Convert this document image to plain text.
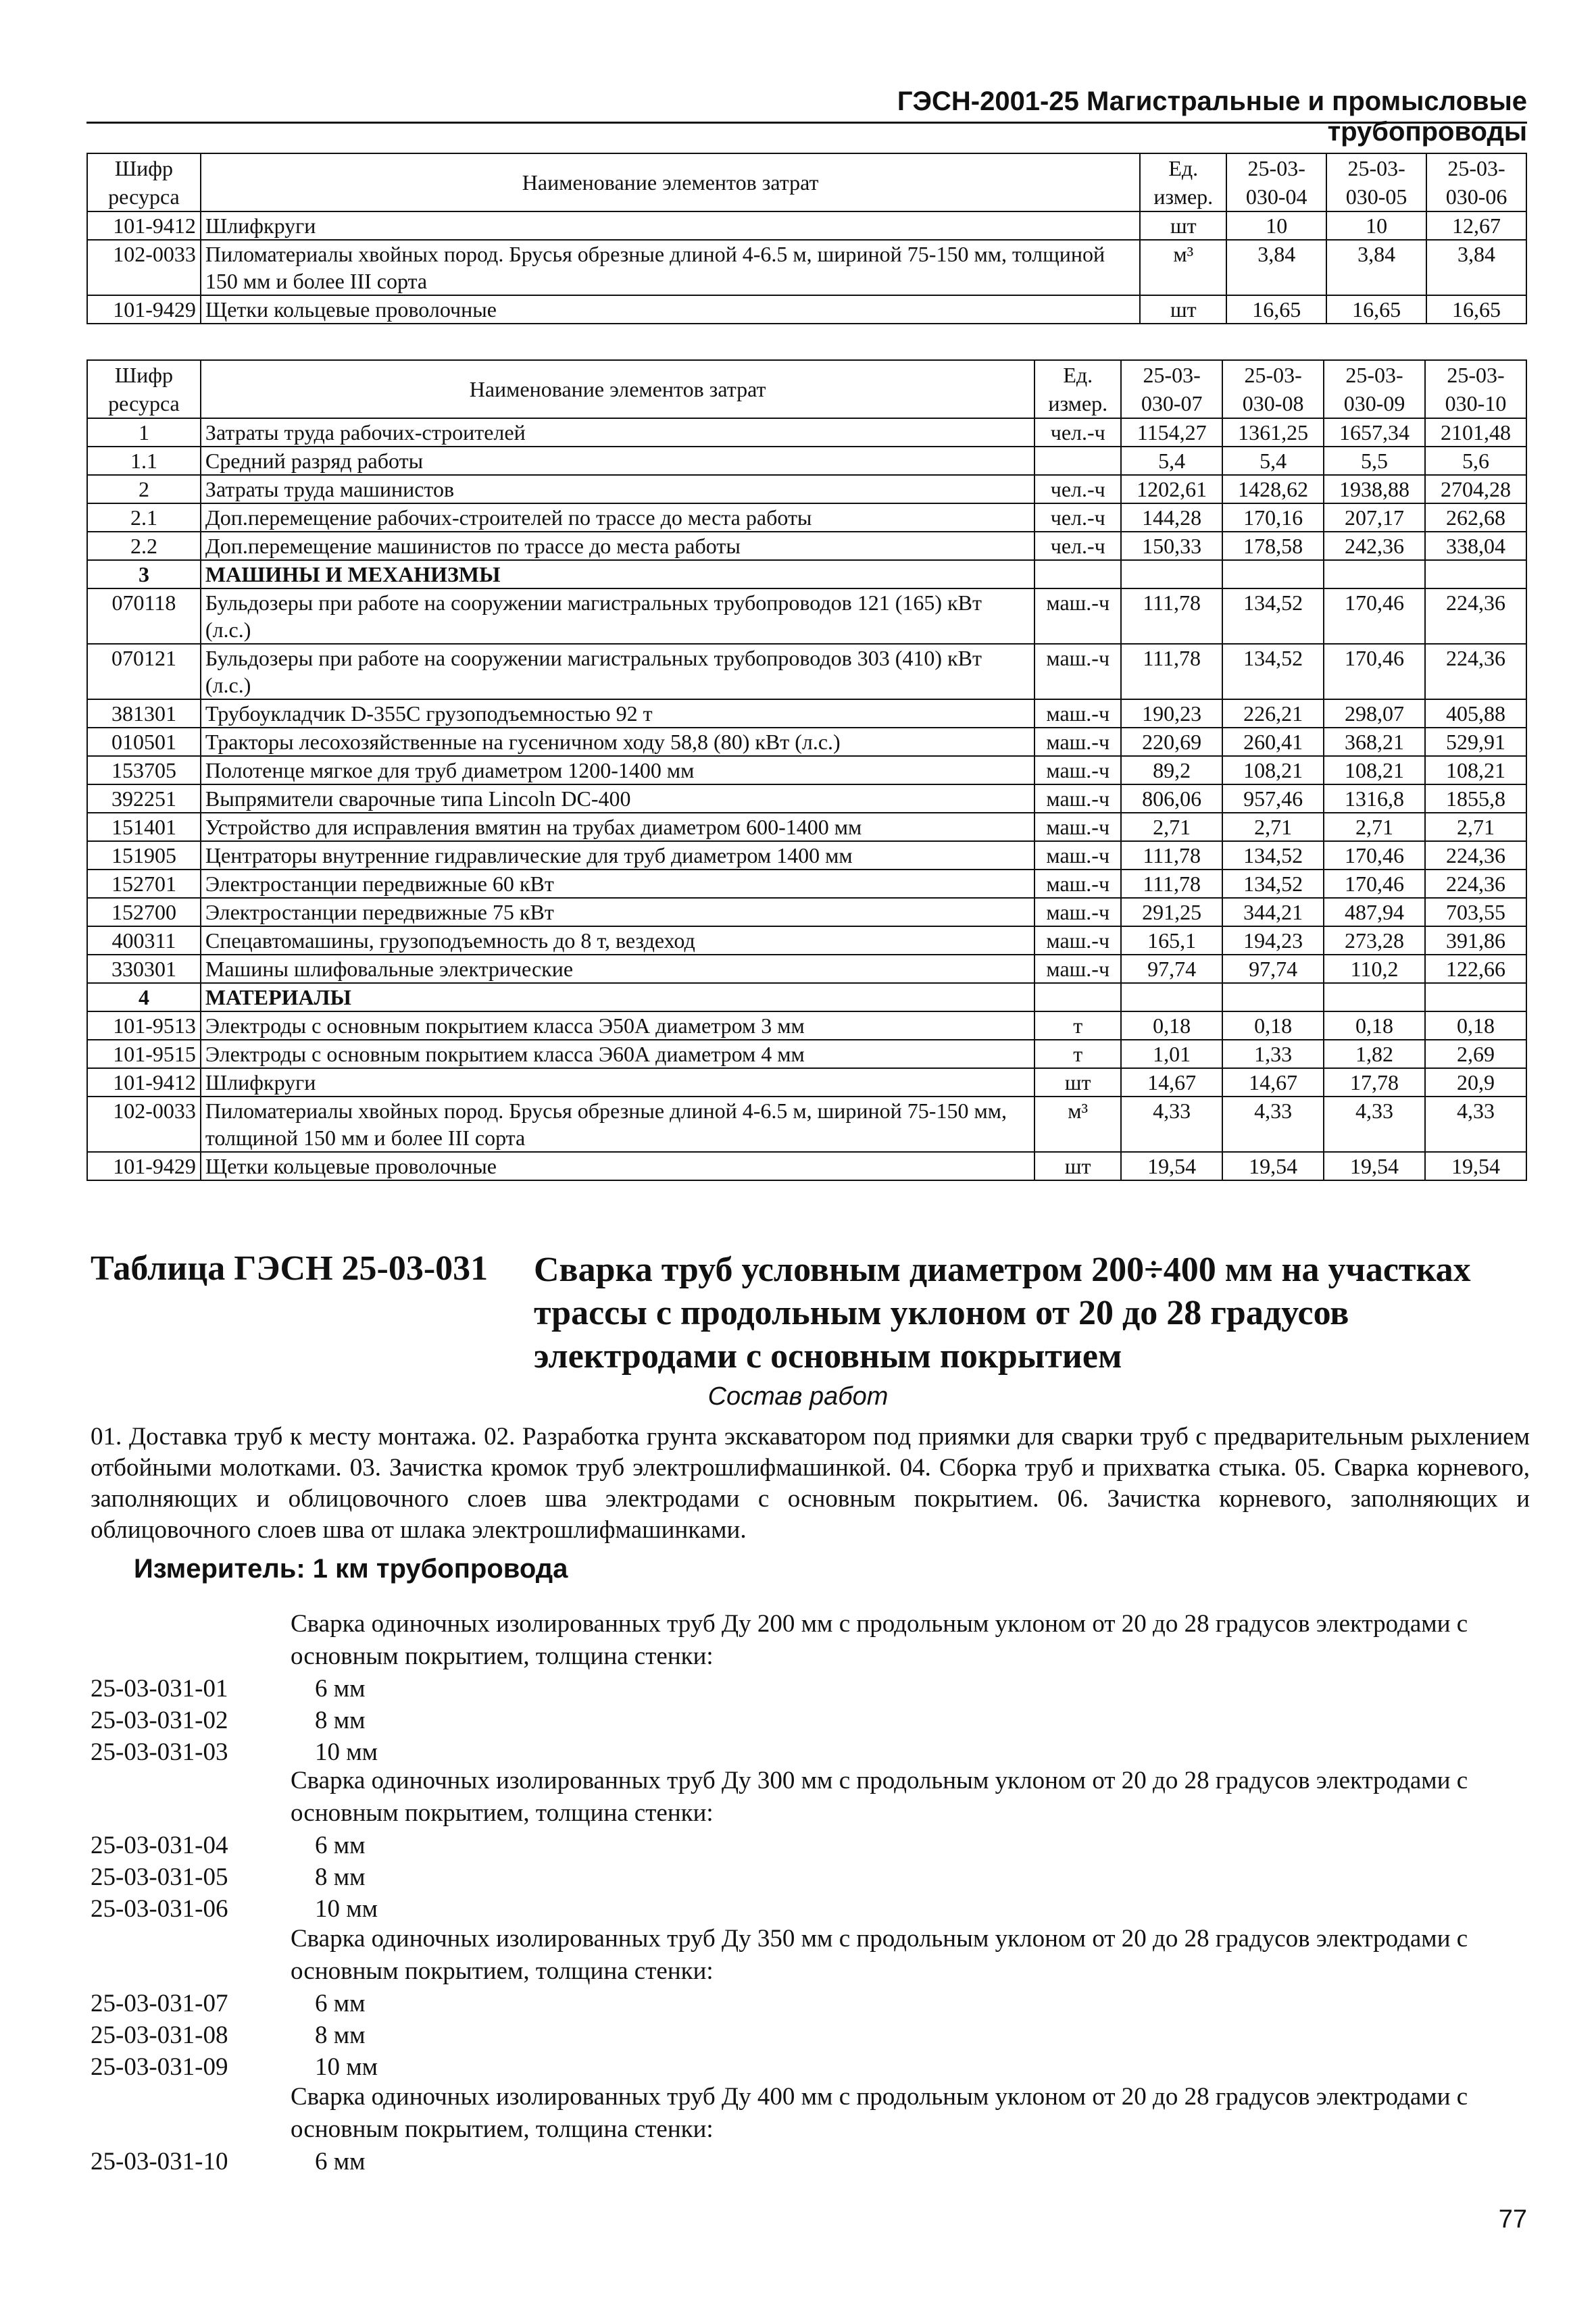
ГЭСН-2001-25 Магистральные и промысловые трубопроводы
Шифр ресурса	Наименование элементов затрат	Ед. измер.	25-03-030-04	25-03-030-05	25-03-030-06
101-9412	Шлифкруги	шт	10	10	12,67
102-0033	Пиломатериалы хвойных пород. Брусья обрезные длиной 4-6.5 м, шириной 75-150 мм, толщиной 150 мм и более III сорта	м³	3,84	3,84	3,84
101-9429	Щетки кольцевые проволочные	шт	16,65	16,65	16,65
Шифр ресурса	Наименование элементов затрат	Ед. измер.	25-03-030-07	25-03-030-08	25-03-030-09	25-03-030-10
1	Затраты труда рабочих-строителей	чел.-ч	1154,27	1361,25	1657,34	2101,48
1.1	Средний разряд работы		5,4	5,4	5,5	5,6
2	Затраты труда машинистов	чел.-ч	1202,61	1428,62	1938,88	2704,28
2.1	Доп.перемещение рабочих-строителей по трассе до места работы	чел.-ч	144,28	170,16	207,17	262,68
2.2	Доп.перемещение машинистов по трассе до места работы	чел.-ч	150,33	178,58	242,36	338,04
3	МАШИНЫ И МЕХАНИЗМЫ					
070118	Бульдозеры при работе на сооружении магистральных трубопроводов 121 (165) кВт (л.с.)	маш.-ч	111,78	134,52	170,46	224,36
070121	Бульдозеры при работе на сооружении магистральных трубопроводов 303 (410) кВт (л.с.)	маш.-ч	111,78	134,52	170,46	224,36
381301	Трубоукладчик D-355C грузоподъемностью 92 т	маш.-ч	190,23	226,21	298,07	405,88
010501	Тракторы лесохозяйственные на гусеничном ходу 58,8 (80) кВт (л.с.)	маш.-ч	220,69	260,41	368,21	529,91
153705	Полотенце мягкое для труб диаметром 1200-1400 мм	маш.-ч	89,2	108,21	108,21	108,21
392251	Выпрямители сварочные типа Lincoln DC-400	маш.-ч	806,06	957,46	1316,8	1855,8
151401	Устройство для исправления вмятин на трубах диаметром 600-1400 мм	маш.-ч	2,71	2,71	2,71	2,71
151905	Центраторы внутренние гидравлические для труб диаметром 1400 мм	маш.-ч	111,78	134,52	170,46	224,36
152701	Электростанции передвижные 60 кВт	маш.-ч	111,78	134,52	170,46	224,36
152700	Электростанции передвижные 75 кВт	маш.-ч	291,25	344,21	487,94	703,55
400311	Спецавтомашины, грузоподъемность до 8 т, вездеход	маш.-ч	165,1	194,23	273,28	391,86
330301	Машины шлифовальные электрические	маш.-ч	97,74	97,74	110,2	122,66
4	МАТЕРИАЛЫ					
101-9513	Электроды с основным покрытием класса Э50А диаметром 3 мм	т	0,18	0,18	0,18	0,18
101-9515	Электроды с основным покрытием класса Э60А диаметром 4 мм	т	1,01	1,33	1,82	2,69
101-9412	Шлифкруги	шт	14,67	14,67	17,78	20,9
102-0033	Пиломатериалы хвойных пород. Брусья обрезные длиной 4-6.5 м, шириной 75-150 мм, толщиной 150 мм и более III сорта	м³	4,33	4,33	4,33	4,33
101-9429	Щетки кольцевые проволочные	шт	19,54	19,54	19,54	19,54
Таблица ГЭСН 25-03-031 Сварка труб условным диаметром 200÷400 мм на участках трассы с продольным уклоном от 20 до 28 градусов электродами с основным покрытием
Состав работ
01. Доставка труб к месту монтажа. 02. Разработка грунта экскаватором под приямки для сварки труб с предварительным рыхлением отбойными молотками. 03. Зачистка кромок труб электрошлифмашинкой. 04. Сборка труб и прихватка стыка. 05. Сварка корневого, заполняющих и облицовочного слоев шва электродами с основным покрытием. 06. Зачистка корневого, заполняющих и облицовочного слоев шва от шлака электрошлифмашинками.
Измеритель: 1 км трубопровода
Сварка одиночных изолированных труб Ду 200 мм с продольным уклоном от 20 до 28 градусов электродами с основным покрытием, толщина стенки:
25-03-031-01	6 мм
25-03-031-02	8 мм
25-03-031-03	10 мм
Сварка одиночных изолированных труб Ду 300 мм с продольным уклоном от 20 до 28 градусов электродами с основным покрытием, толщина стенки:
25-03-031-04	6 мм
25-03-031-05	8 мм
25-03-031-06	10 мм
Сварка одиночных изолированных труб Ду 350 мм с продольным уклоном от 20 до 28 градусов электродами с основным покрытием, толщина стенки:
25-03-031-07	6 мм
25-03-031-08	8 мм
25-03-031-09	10 мм
Сварка одиночных изолированных труб Ду 400 мм с продольным уклоном от 20 до 28 градусов электродами с основным покрытием, толщина стенки:
25-03-031-10	6 мм
77
